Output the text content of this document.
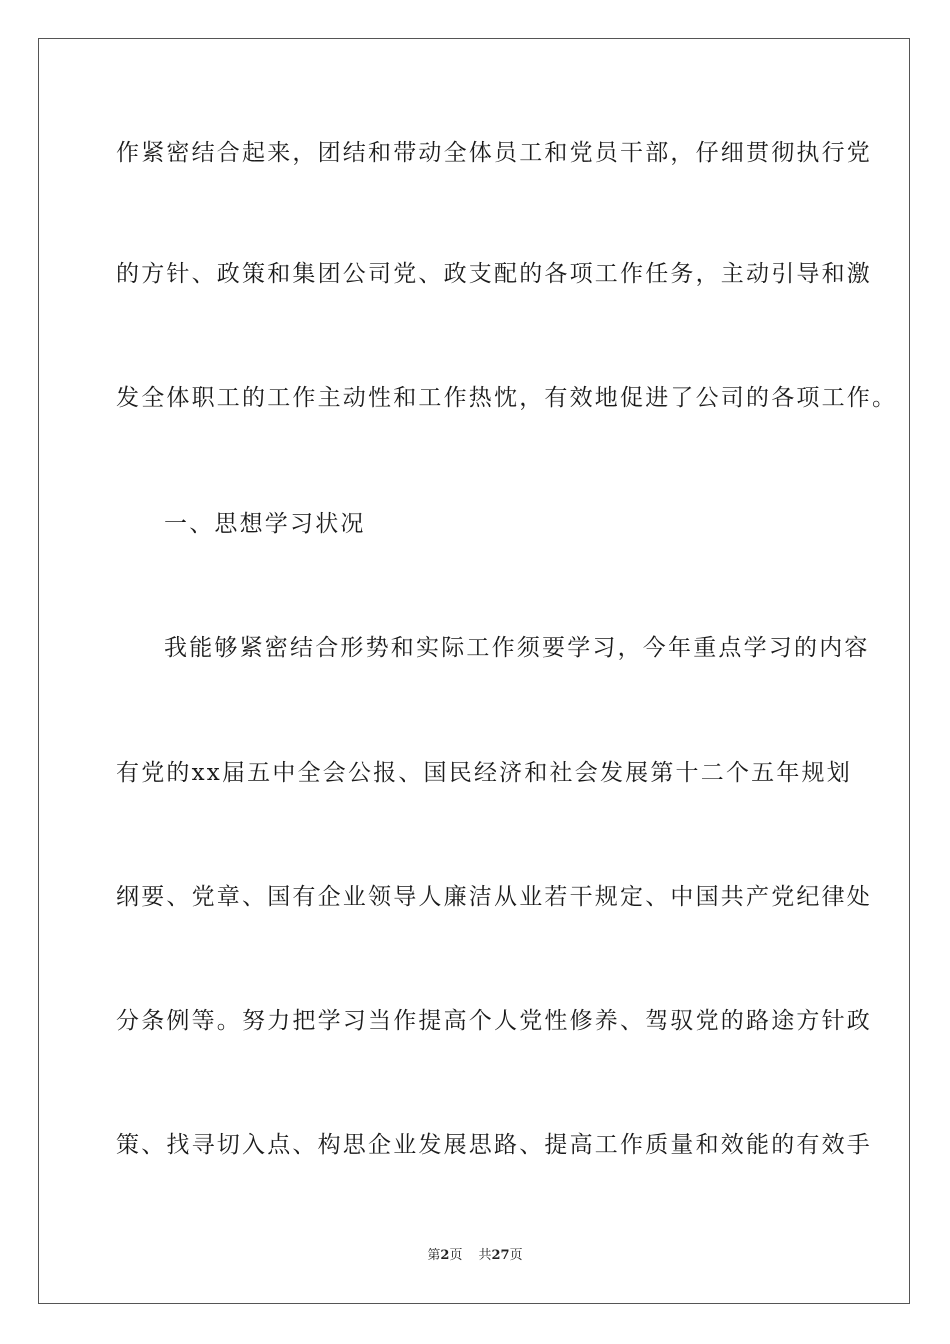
作紧密结合起来，团结和带动全体员工和党员干部，仔细贯彻执行党
的方针、政策和集团公司党、政支配的各项工作任务，主动引导和激
发全体职工的工作主动性和工作热忱，有效地促进了公司的各项工作。
一、思想学习状况
我能够紧密结合形势和实际工作须要学习，今年重点学习的内容
有党的xx届五中全会公报、国民经济和社会发展第十二个五年规划
纲要、党章、国有企业领导人廉洁从业若干规定、中国共产党纪律处
分条例等。努力把学习当作提高个人党性修养、驾驭党的路途方针政
策、找寻切入点、构思企业发展思路、提高工作质量和效能的有效手
第2页 共27页
